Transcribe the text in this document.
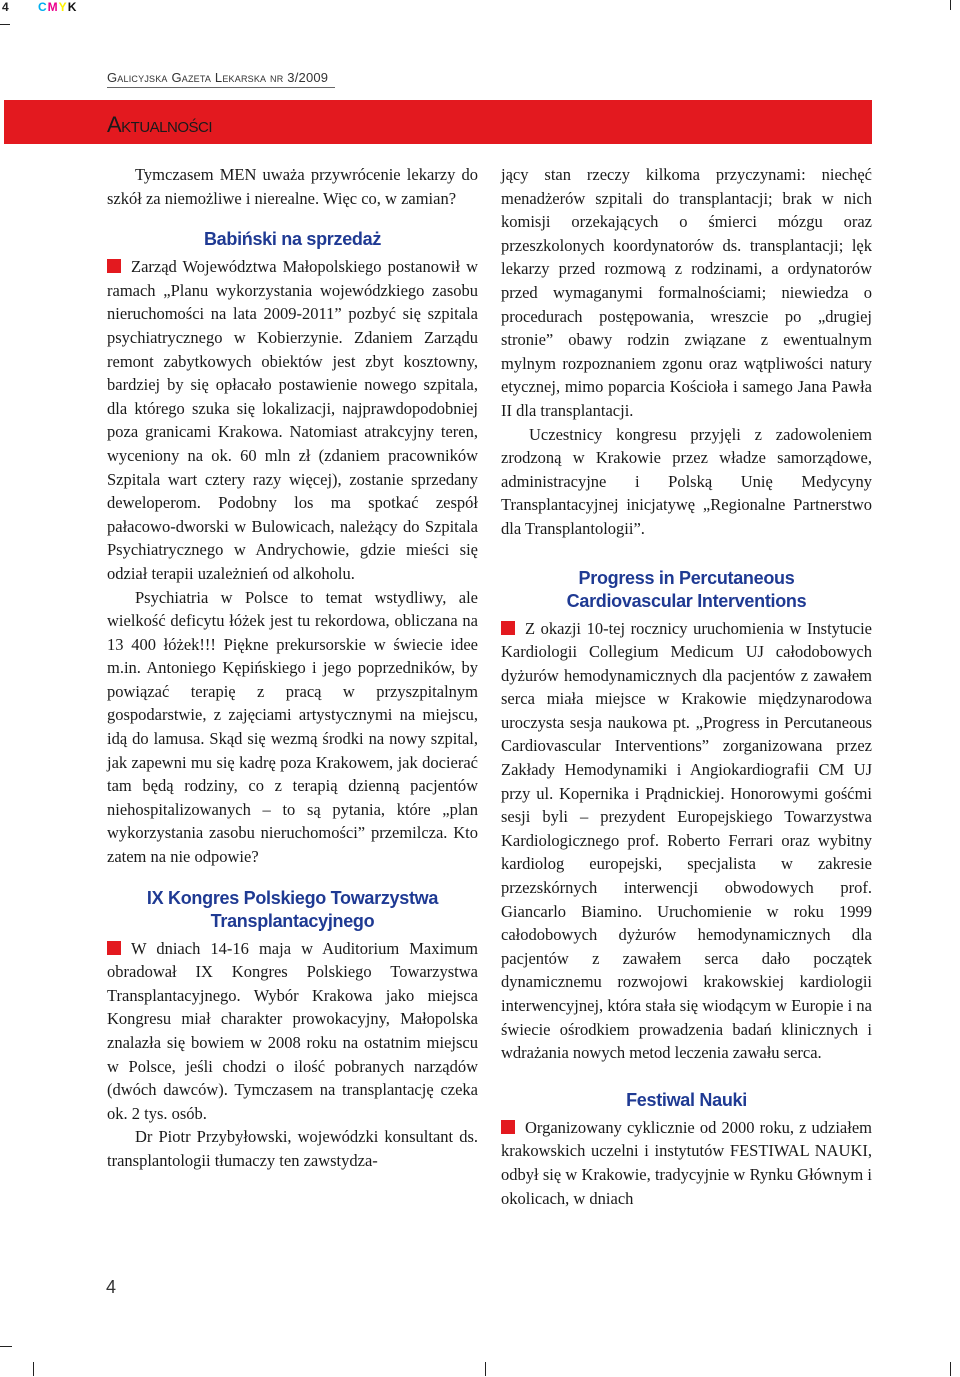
4 CMYK
Galicyjska Gazeta Lekarska nr 3/2009
Aktualności

Tymczasem MEN uważa przywrócenie lekarzy do szkół za niemożliwe i nierealne. Więc co, w zamian?

Babiński na sprzedaż

Zarząd Województwa Małopolskiego postanowił w ramach „Planu wykorzystania wojewódzkiego zasobu nieruchomości na lata 2009-2011” pozbyć się szpitala psychiatrycznego w Kobierzynie. Zdaniem Zarządu remont zabytkowych obiektów jest zbyt kosztowny, bardziej by się opłacało postawienie nowego szpitala, dla którego szuka się lokalizacji, najprawdopodobniej poza granicami Krakowa. Natomiast atrakcyjny teren, wyceniony na ok. 60 mln zł (zdaniem pracowników Szpitala wart cztery razy więcej), zostanie sprzedany deweloperom. Podobny los ma spotkać zespół pałacowo-dworski w Bulowicach, należący do Szpitala Psychiatrycznego w Andrychowie, gdzie mieści się odział terapii uzależnień od alkoholu.

Psychiatria w Polsce to temat wstydliwy, ale wielkość deficytu łóżek jest tu rekordowa, obliczana na 13 400 łóżek!!! Piękne prekursorskie w świecie idee m.in. Antoniego Kępińskiego i jego poprzedników, by powiązać terapię z pracą w przyszpitalnym gospodarstwie, z zajęciami artystycznymi na miejscu, idą do lamusa. Skąd się wezmą środki na nowy szpital, jak zapewni mu się kadrę poza Krakowem, jak docierać tam będą rodziny, co z terapią dzienną pacjentów niehospitalizowanych – to są pytania, które „plan wykorzystania zasobu nieruchomości” przemilcza. Kto zatem na nie odpowie?

IX Kongres Polskiego Towarzystwa
Transplantacyjnego

W dniach 14-16 maja w Auditorium Maximum obradował IX Kongres Polskiego Towarzystwa Transplantacyjnego. Wybór Krakowa jako miejsca Kongresu miał charakter prowokacyjny, Małopolska znalazła się bowiem w 2008 roku na ostatnim miejscu w Polsce, jeśli chodzi o ilość pobranych narządów (dwóch dawców). Tymczasem na transplantację czeka ok. 2 tys. osób.

Dr Piotr Przybyłowski, wojewódzki konsultant ds. transplantologii tłumaczy ten zawstydza-

jący stan rzeczy kilkoma przyczynami: niechęć menadżerów szpitali do transplantacji; brak w nich komisji orzekających o śmierci mózgu oraz przeszkolonych koordynatorów ds. transplantacji; lęk lekarzy przed rozmową z rodzinami, a ordynatorów przed wymaganymi formalnościami; niewiedza o procedurach postępowania, wreszcie po „drugiej stronie” obawy rodzin związane z ewentualnym mylnym rozpoznaniem zgonu oraz wątpliwości natury etycznej, mimo poparcia Kościoła i samego Jana Pawła II dla transplantacji.

Uczestnicy kongresu przyjęli z zadowoleniem zrodzoną w Krakowie przez władze samorządowe, administracyjne i Polską Unię Medycyny Transplantacyjnej inicjatywę „Regionalne Partnerstwo dla Transplantologii”.

Progress in Percutaneous
Cardiovascular Interventions

Z okazji 10-tej rocznicy uruchomienia w Instytucie Kardiologii Collegium Medicum UJ całodobowych dyżurów hemodynamicznych dla pacjentów z zawałem serca miała miejsce w Krakowie międzynarodowa uroczysta sesja naukowa pt. „Progress in Percutaneous Cardiovascular Interventions” zorganizowana przez Zakłady Hemodynamiki i Angiokardiografii CM UJ przy ul. Kopernika i Prądnickiej. Honorowymi gośćmi sesji byli – prezydent Europejskiego Towarzystwa Kardiologicznego prof. Roberto Ferrari oraz wybitny kardiolog europejski, specjalista w zakresie przezskórnych interwencji obwodowych prof. Giancarlo Biamino. Uruchomienie w roku 1999 całodobowych dyżurów hemodynamicznych dla pacjentów z zawałem serca dało początek dynamicznemu rozwojowi krakowskiej kardiologii interwencyjnej, która stała się wiodącym w Europie i na świecie ośrodkiem prowadzenia badań klinicznych i wdrażania nowych metod leczenia zawału serca.

Festiwal Nauki

Organizowany cyklicznie od 2000 roku, z udziałem krakowskich uczelni i instytutów FESTIWAL NAUKI, odbył się w Krakowie, tradycyjnie w Rynku Głównym i okolicach, w dniach

4
